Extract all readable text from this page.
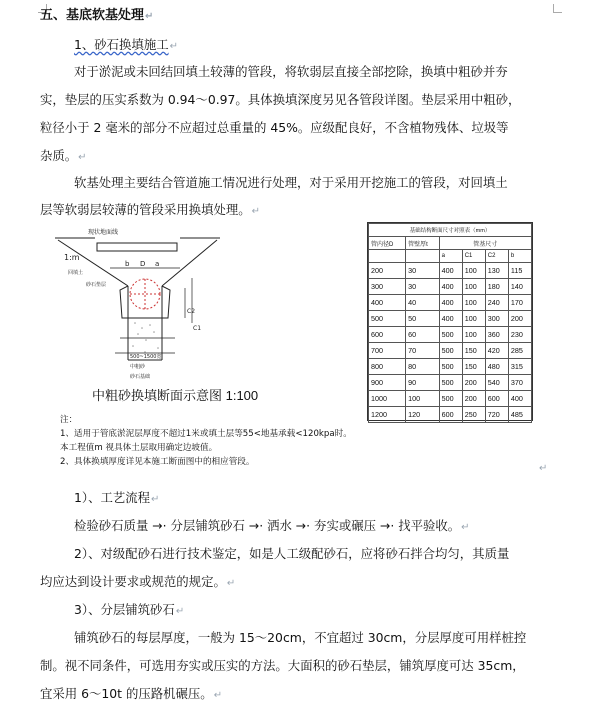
五、基底软基处理↵
1、砂石换填施工↵
对于淤泥或未回结回填土较薄的管段，将软弱层直接全部挖除，换填中粗砂并夯
实，垫层的压实系数为 0.94～0.97。具体换填深度另见各管段详图。垫层采用中粗砂，
粒径小于 2 毫米的部分不应超过总重量的 45%。应级配良好，不含植物残体、垃圾等
杂质。↵
软基处理主要结合管道施工情况进行处理，对于采用开挖施工的管段，对回填土
层等软弱层较薄的管段采用换填处理。↵
现状地面线
1:m
回填土
砂石垫层
b D a
C2
C1
500~1500宽
中粗砂
砂石基础
中粗砂换填断面示意图 1:100
基础结构断面尺寸对照表（mm）					
管内径D	管壁厚t	管基尺寸			
		a	C1	C2	b
200	30	400	100	130	115
300	30	400	100	180	140
400	40	400	100	240	170
500	50	400	100	300	200
600	60	500	100	360	230
700	70	500	150	420	285
800	80	500	150	480	315
900	90	500	200	540	370
1000	100	500	200	600	400
1200	120	600	250	720	485
注：
1、适用于管底淤泥层厚度不超过1米或填土层等55<地基承载<120kpa时。
本工程值m 视具体土层取用确定边坡值。
2、具体换填厚度详见本施工断面图中的相应管段。
↵
1）、工艺流程↵
检验砂石质量 →· 分层铺筑砂石 →· 洒水 →· 夯实或碾压 →· 找平验收。↵
2）、对级配砂石进行技术鉴定，如是人工级配砂石，应将砂石拌合均匀，其质量
均应达到设计要求或规范的规定。↵
3）、分层铺筑砂石↵
铺筑砂石的每层厚度，一般为 15～20cm，不宜超过 30cm，分层厚度可用样桩控
制。视不同条件，可选用夯实或压实的方法。大面积的砂石垫层，铺筑厚度可达 35cm，
宜采用 6～10t 的压路机碾压。↵
